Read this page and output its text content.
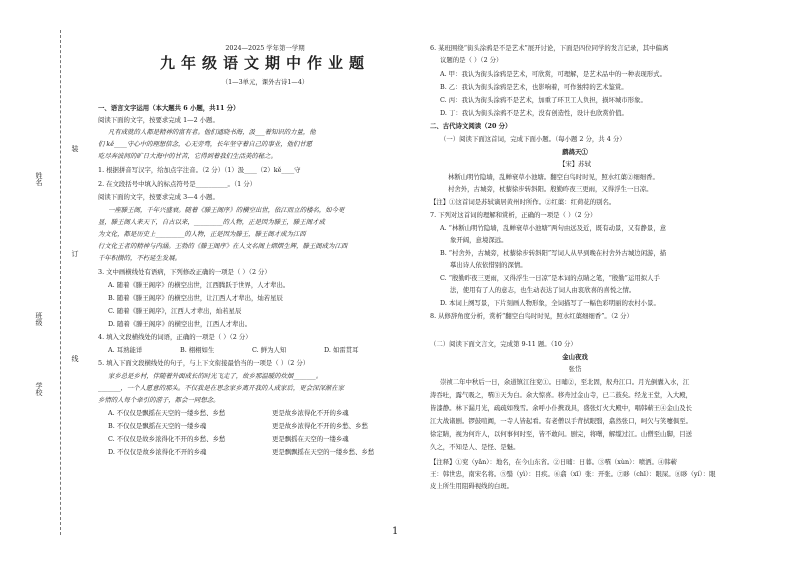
姓名
班级
学校
装
订
线
2024—2025 学年第一学期
九年级语文期中作业题
（1—3单元，课外古诗1—4）
一、语言文字运用（本大题共 6 小题，共11 分）
阅读下面的文字，按要求完成 1—2 小题。
凡有成就的人都是精神的富有者。他们通晓书海，汲___着知识的力量，他
们 kě____守心中的理想信念，心无旁骛，长年坚守着自己的事业，他们甘愿
吃尽奔波间的旷日大海中的甘苦，它得到着我们生活美的秘之。
1. 根据拼音写汉字，给加点字注音。（2 分）（1）汲____（2）kě____守
2. 在文段括号中填入的标点符号是__________。（1 分）
阅读下面的文字，按要求完成 3—4 小题。
一座滕王阁，千年兴盛衰。随着《滕王阁序》的横空出世，依江而立的楼名，如今更
显，滕王阁人来天下，自古以来，_________的人物，正是因为滕王，滕王阁才成
为文化，都是历史上_________的人物，正是因为滕王，滕王阁才成为江西
行文化王者的精神与内涵。王勃的《滕王阁序》在人文名阁上熠熠生辉，滕王阁成为江西
千年积攒的，不朽延生发展。
3. 文中画横线处有语病，下列修改正确的一项是（ ）（2 分）
A. 随着《滕王阁序》的横空出世，江西腾跃于世界，人才辈出。
B. 随着《滕王阁序》的横空出世，让江西人才辈出，灿若星辰
C. 随着《滕王阁序》，江西人才辈出，灿若星辰
D. 随着《滕王阁序》的横空出世，江西人才辈出。
4. 填入文段横线处的词语，正确的一项是（ ）（2 分）
A. 耳熟能详	B. 栩栩如生	C. 鲜为人知	D. 如雷贯耳
5. 填入下面文段横线处的句子，与上下文衔接最恰当的一项是（ ）（2 分）
家乡总是乡村，伴随着外面成长的时光飞走了，故乡那温暖的炊烟_______。
_______，一个人愿意的那头。不仅我是在思念家乡离开我的人成家后，更会深深渐在家
乡情的人每个牵引的游子，都会一同想念。
A. 不仅仅是飘摇在天空的一缕乡愁、乡愁	更是故乡浓得化不开的乡魂
B. 不仅仅是飘摇在天空的一缕乡魂	更是故乡浓得化不开的乡愁、乡愁
C. 不仅仅是故乡浓得化不开的乡愁、乡愁	更是飘摇在天空的一缕乡魂
D. 不仅仅是故乡浓得化不开的乡魂	更是飘飘摇在天空的一缕乡愁、乡愁
6. 某班围绕“街头涂鸦是不是艺术”展开讨论，下面是四位同学的发言记录，其中偏离
议题的是（ ）（2 分）
A. 甲：我认为街头涂鸦是艺术，可欣赏，可理解，是艺术品中的一种表现形式。
B. 乙：我认为街头涂鸦是艺术，也影响着，可作独特的艺术鉴赏。
C. 丙：我认为街头涂鸦不是艺术，加重了环卫工人负担，损坏城市形象。
D. 丁：我认为街头涂鸦不是艺术，没有创造性，设计也欣赏价值。
二、古代诗文阅读（20 分）
（一）阅读下面这首词，完成下面小题。（每小题 2 分，共 4 分）
鹧鸪天①
【宋】苏轼
林断山明竹隐墙，乱蝉衰草小池塘。翻空白鸟时时见，照水红蕖②细细香。
村舍外，古城旁，杖藜徐步转斜阳。殷勤昨夜三更雨，又得浮生一日凉。
【注】①这首词是苏轼谪居黄州时所作。②红蕖：红荷花的别名。
7. 下列对这首词的理解和赏析，正确的一项是（ ）（2 分）
A. “林断山明竹隐墙，乱蝉衰草小池塘”两句由远及近，既有动景，又有静景，意
象开阔，意境深远。
B. “村舍外，古城旁，杖藜徐步转斜阳”写词人从早到晚在村舍外古城边闲游，描
摹出诗人依依惜别的深情。
C. “殷勤昨夜三更雨，又得浮生一日凉”是本词的点睛之笔，“殷勤”运用拟人手
法，使用有了人的意志，也生动表达了词人由衷欣喜的喜悦之情。
D. 本词上阕写景，下片刻画人物形象，全词描写了一幅色彩明丽的农村小景。
8. 从修辞角度分析，赏析“翻空白鸟时时见，照水红蕖细细香”。（2 分）
（二）阅读下面文言文，完成第 9-11 题。（10 分）
金山夜戏
张岱
崇祯二年中秋后一日，余道镇江往兖①。日晡②，至北固，舣舟江口。月光倒囊入水，江
涛吞吐，露气吸之，噀③天为白。余大惊喜。移舟过金山寺，已二鼓矣。经龙王堂，入大殿，
皆漆静。林下漏月光，疏疏如残雪。余呼小仆携戏具，盛张灯火大殿中，唱韩蕲王④金山及长
江大战诸剧。锣鼓喧阗，一寺人皆起看。有老僧以手背拭眼翳，翕然张口，呵欠与笑嚏俱至。
徐定睛，视为何许人，以何事何时至，皆不敢问。剧完，将曙，解缆过江。山僧至山脚，目送
久之，不知是人、是怪、是魅。
【注释】①兖（yǎn）：地名，在今山东省。②日晡：日暮。③噀（xùn）：喷洒。④韩蕲
王：韩世忠，南宋名将。⑤翳（yì）：目疾。⑥翕（xī）张：开张。⑦眵（chī）：眼屎。⑧眵（yí）：眼
皮上所生用阻碍视线的白斑。
1
